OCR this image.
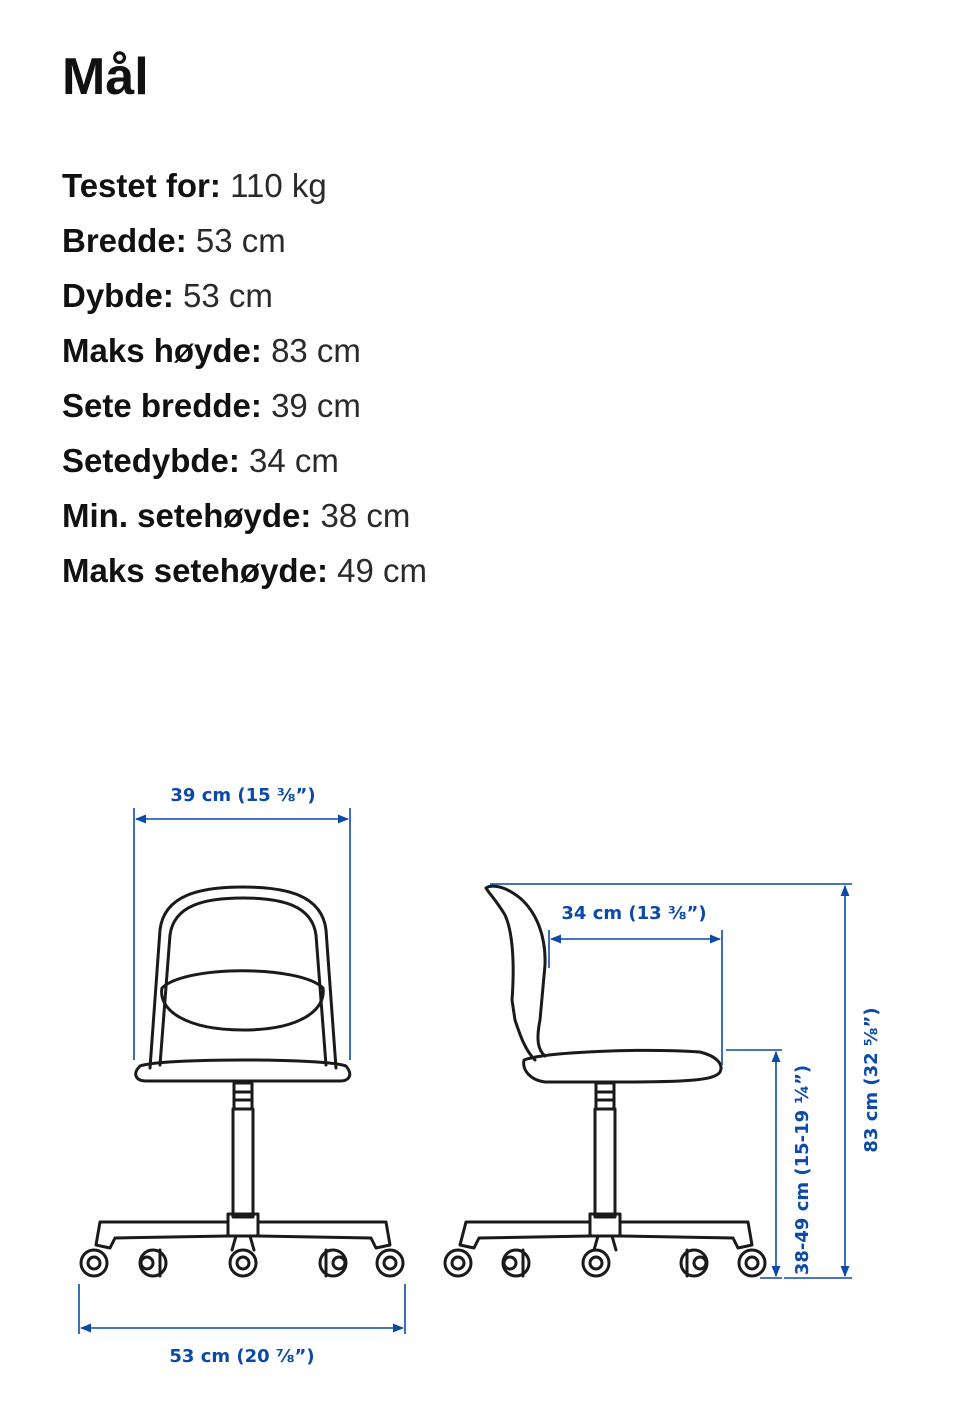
Mål
Testet for: 110 kg
Bredde: 53 cm
Dybde: 53 cm
Maks høyde: 83 cm
Sete bredde: 39 cm
Setedybde: 34 cm
Min. setehøyde: 38 cm
Maks setehøyde: 49 cm
39 cm (15 ⅜”)
53 cm (20 ⅞”)
34 cm (13 ⅜”)
38-49 cm (15-19 ¼”)	83 cm (32 ⅝”)
